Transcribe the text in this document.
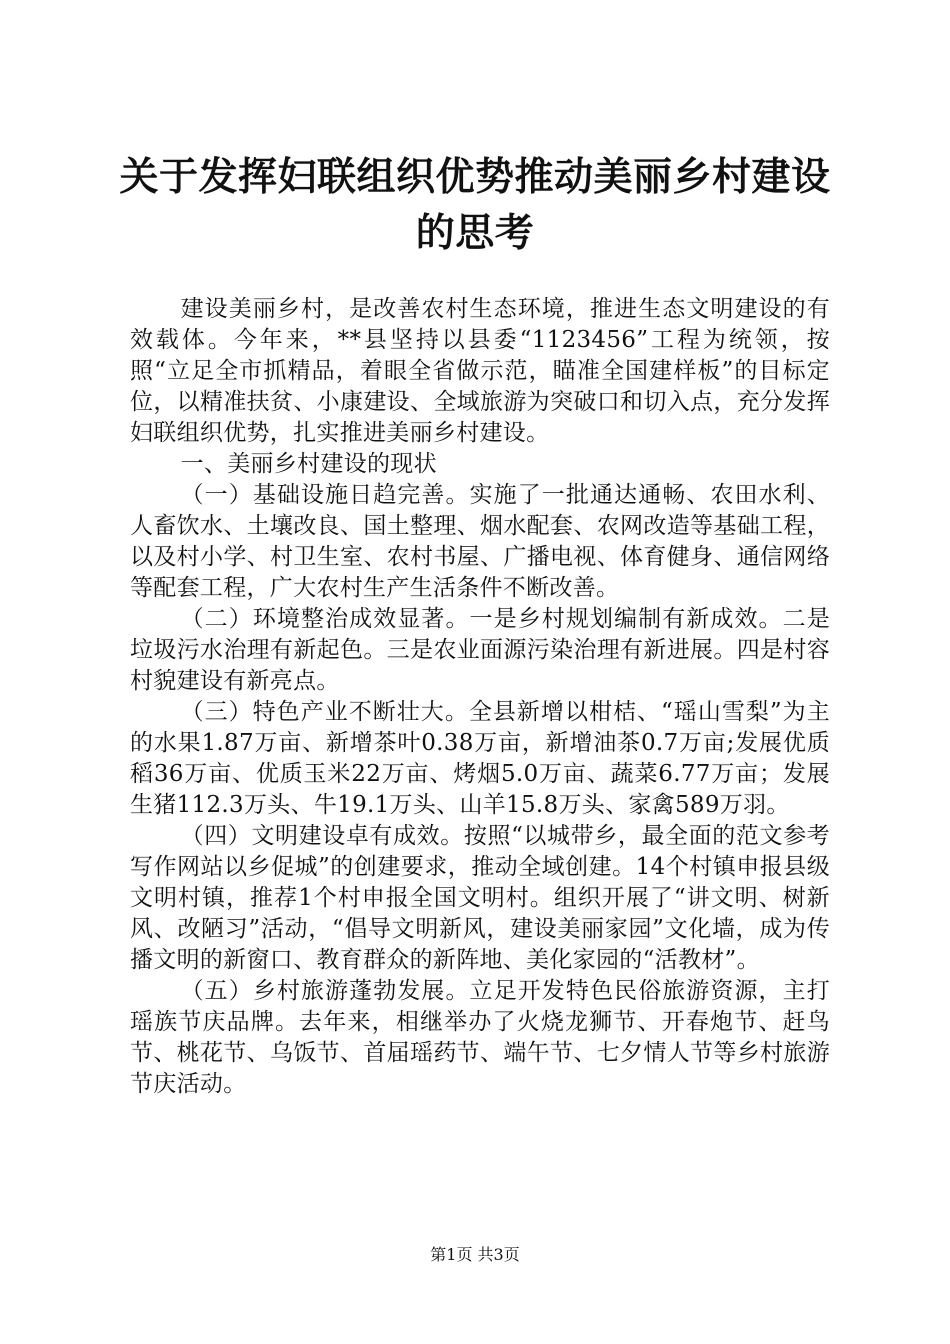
关于发挥妇联组织优势推动美丽乡村建设的思考

建设美丽乡村，是改善农村生态环境，推进生态文明建设的有效载体。今年来，**县坚持以县委“1123456”工程为统领，按照“立足全市抓精品，着眼全省做示范，瞄准全国建样板”的目标定位，以精准扶贫、小康建设、全域旅游为突破口和切入点，充分发挥妇联组织优势，扎实推进美丽乡村建设。

一、美丽乡村建设的现状

（一）基础设施日趋完善。实施了一批通达通畅、农田水利、人畜饮水、土壤改良、国土整理、烟水配套、农网改造等基础工程，以及村小学、村卫生室、农村书屋、广播电视、体育健身、通信网络等配套工程，广大农村生产生活条件不断改善。

（二）环境整治成效显著。一是乡村规划编制有新成效。二是垃圾污水治理有新起色。三是农业面源污染治理有新进展。四是村容村貌建设有新亮点。

（三）特色产业不断壮大。全县新增以柑桔、“瑶山雪梨”为主的水果1.87万亩、新增茶叶0.38万亩，新增油茶0.7万亩;发展优质稻36万亩、优质玉米22万亩、烤烟5.0万亩、蔬菜6.77万亩；发展生猪112.3万头、牛19.1万头、山羊15.8万头、家禽589万羽。

（四）文明建设卓有成效。按照“以城带乡，最全面的范文参考写作网站以乡促城”的创建要求，推动全域创建。14个村镇申报县级文明村镇，推荐1个村申报全国文明村。组织开展了“讲文明、树新风、改陋习”活动，“倡导文明新风，建设美丽家园”文化墙，成为传播文明的新窗口、教育群众的新阵地、美化家园的“活教材”。

（五）乡村旅游蓬勃发展。立足开发特色民俗旅游资源，主打瑶族节庆品牌。去年来，相继举办了火烧龙狮节、开春炮节、赶鸟节、桃花节、乌饭节、首届瑶药节、端午节、七夕情人节等乡村旅游节庆活动。

第1页 共3页
